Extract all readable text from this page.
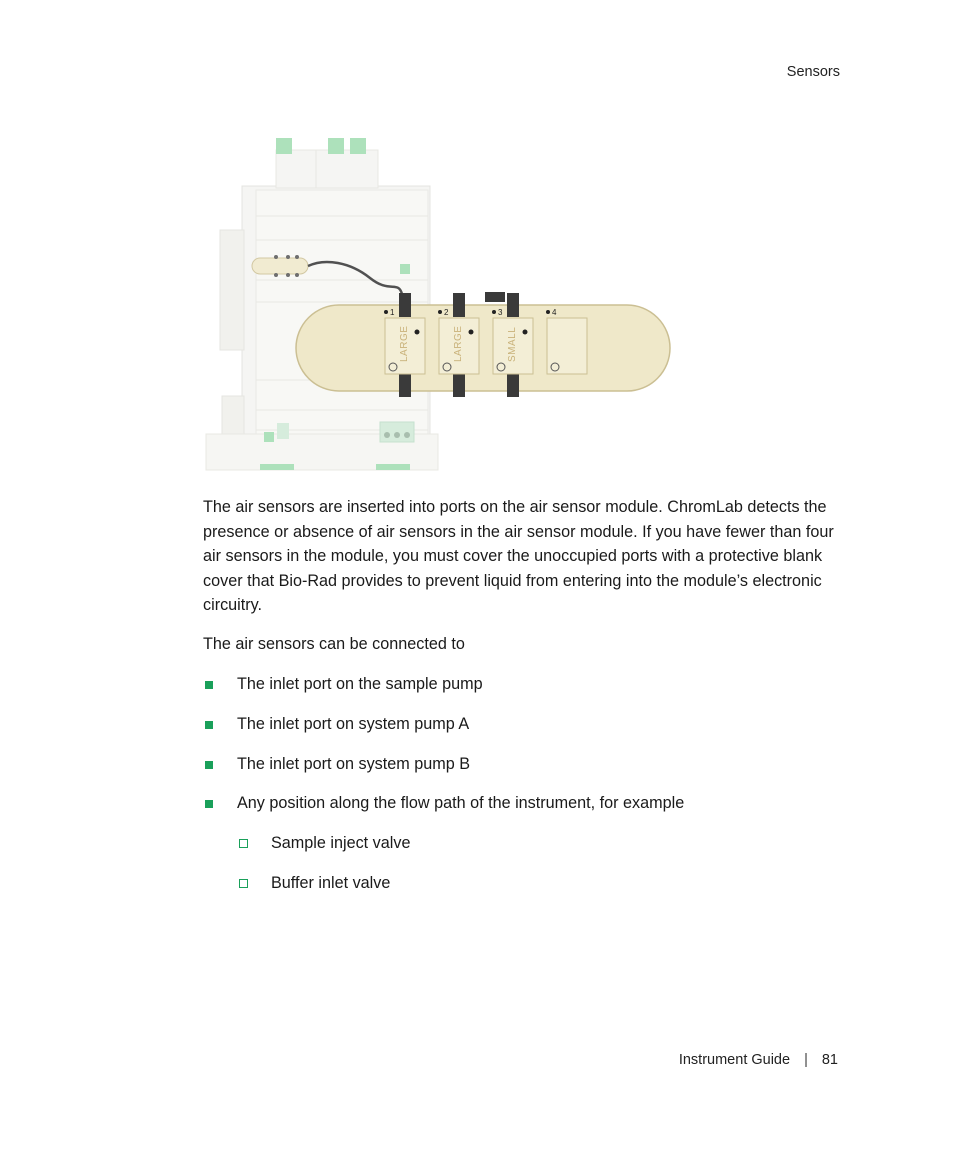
Sensors
1	2	3	4
LARGE	LARGE	SMALL

The air sensors are inserted into ports on the air sensor module. ChromLab detects the presence or absence of air sensors in the air sensor module. If you have fewer than four air sensors in the module, you must cover the unoccupied ports with a protective blank cover that Bio-Rad provides to prevent liquid from entering into the module’s electronic circuitry.

The air sensors can be connected to

The inlet port on the sample pump
The inlet port on system pump A
The inlet port on system pump B
Any position along the flow path of the instrument, for example
Sample inject valve
Buffer inlet valve
Instrument Guide | 81
